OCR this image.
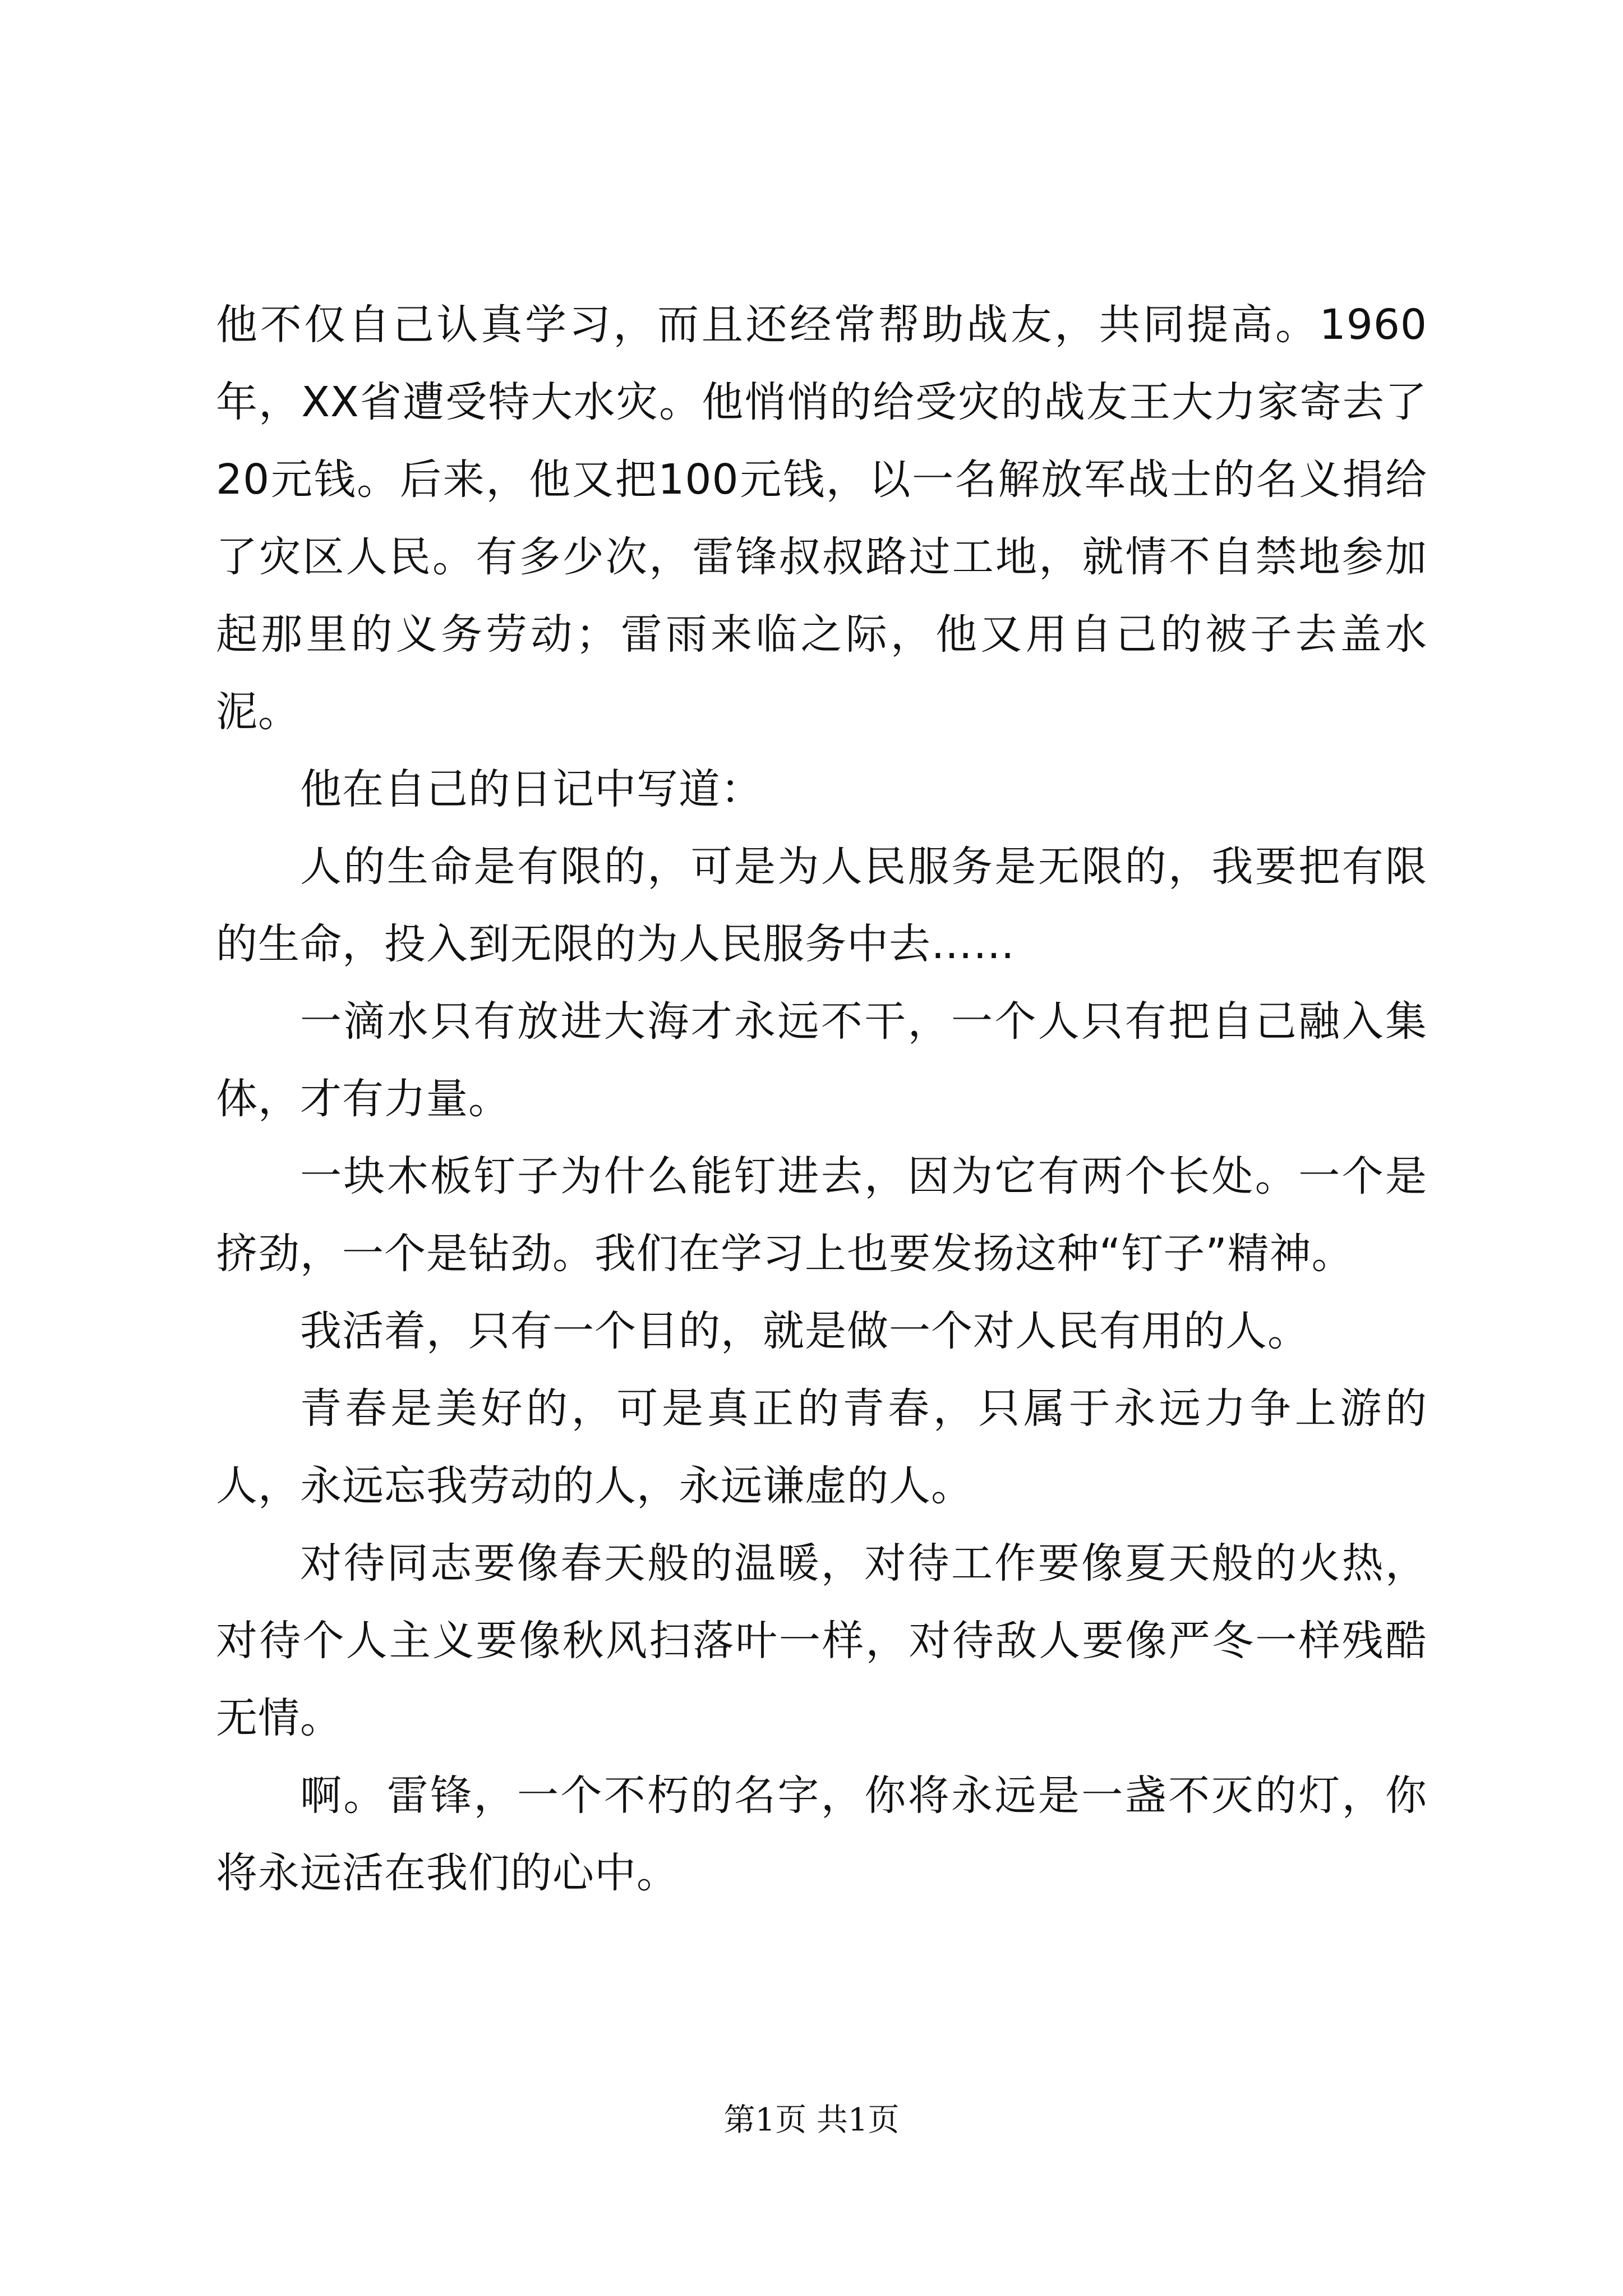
他不仅自己认真学习，而且还经常帮助战友，共同提高。1960年，XX省遭受特大水灾。他悄悄的给受灾的战友王大力家寄去了20元钱。后来，他又把100元钱，以一名解放军战士的名义捐给了灾区人民。有多少次，雷锋叔叔路过工地，就情不自禁地参加起那里的义务劳动；雷雨来临之际，他又用自己的被子去盖水泥。

他在自己的日记中写道：

人的生命是有限的，可是为人民服务是无限的，我要把有限的生命，投入到无限的为人民服务中去……

一滴水只有放进大海才永远不干，一个人只有把自己融入集体，才有力量。

一块木板钉子为什么能钉进去，因为它有两个长处。一个是挤劲，一个是钻劲。我们在学习上也要发扬这种“钉子”精神。

我活着，只有一个目的，就是做一个对人民有用的人。

青春是美好的，可是真正的青春，只属于永远力争上游的人，永远忘我劳动的人，永远谦虚的人。

对待同志要像春天般的温暖，对待工作要像夏天般的火热，对待个人主义要像秋风扫落叶一样，对待敌人要像严冬一样残酷无情。

啊。雷锋，一个不朽的名字，你将永远是一盏不灭的灯，你将永远活在我们的心中。

第1页 共1页
